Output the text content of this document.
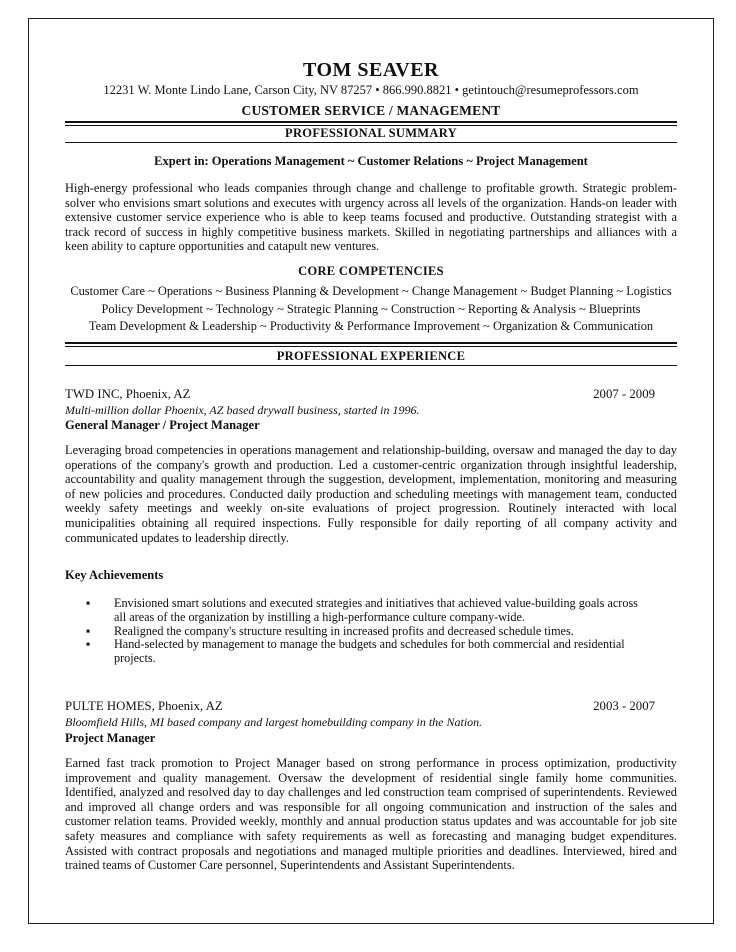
TOM SEAVER
12231 W. Monte Lindo Lane, Carson City, NV 87257 • 866.990.8821 • getintouch@resumeprofessors.com
CUSTOMER SERVICE / MANAGEMENT
PROFESSIONAL SUMMARY
Expert in: Operations Management ~ Customer Relations ~ Project Management
High-energy professional who leads companies through change and challenge to profitable growth. Strategic problem-solver who envisions smart solutions and executes with urgency across all levels of the organization. Hands-on leader with extensive customer service experience who is able to keep teams focused and productive. Outstanding strategist with a track record of success in highly competitive business markets. Skilled in negotiating partnerships and alliances with a keen ability to capture opportunities and catapult new ventures.
CORE COMPETENCIES
Customer Care ~ Operations ~ Business Planning & Development ~ Change Management ~ Budget Planning ~ Logistics
Policy Development ~ Technology ~ Strategic Planning ~ Construction ~ Reporting & Analysis ~ Blueprints
Team Development & Leadership ~ Productivity & Performance Improvement ~ Organization & Communication
PROFESSIONAL EXPERIENCE
TWD INC, Phoenix, AZ	2007 - 2009
Multi-million dollar Phoenix, AZ based drywall business, started in 1996.
General Manager / Project Manager
Leveraging broad competencies in operations management and relationship-building, oversaw and managed the day to day operations of the company's growth and production. Led a customer-centric organization through insightful leadership, accountability and quality management through the suggestion, development, implementation, monitoring and measuring of new policies and procedures. Conducted daily production and scheduling meetings with management team, conducted weekly safety meetings and weekly on-site evaluations of project progression. Routinely interacted with local municipalities obtaining all required inspections. Fully responsible for daily reporting of all company activity and communicated updates to leadership directly.
Key Achievements
▪ Envisioned smart solutions and executed strategies and initiatives that achieved value-building goals across all areas of the organization by instilling a high-performance culture company-wide.
▪ Realigned the company's structure resulting in increased profits and decreased schedule times.
▪ Hand-selected by management to manage the budgets and schedules for both commercial and residential projects.
PULTE HOMES, Phoenix, AZ	2003 - 2007
Bloomfield Hills, MI based company and largest homebuilding company in the Nation.
Project Manager
Earned fast track promotion to Project Manager based on strong performance in process optimization, productivity improvement and quality management. Oversaw the development of residential single family home communities. Identified, analyzed and resolved day to day challenges and led construction team comprised of superintendents. Reviewed and improved all change orders and was responsible for all ongoing communication and instruction of the sales and customer relation teams. Provided weekly, monthly and annual production status updates and was accountable for job site safety measures and compliance with safety requirements as well as forecasting and managing budget expenditures. Assisted with contract proposals and negotiations and managed multiple priorities and deadlines. Interviewed, hired and trained teams of Customer Care personnel, Superintendents and Assistant Superintendents.
